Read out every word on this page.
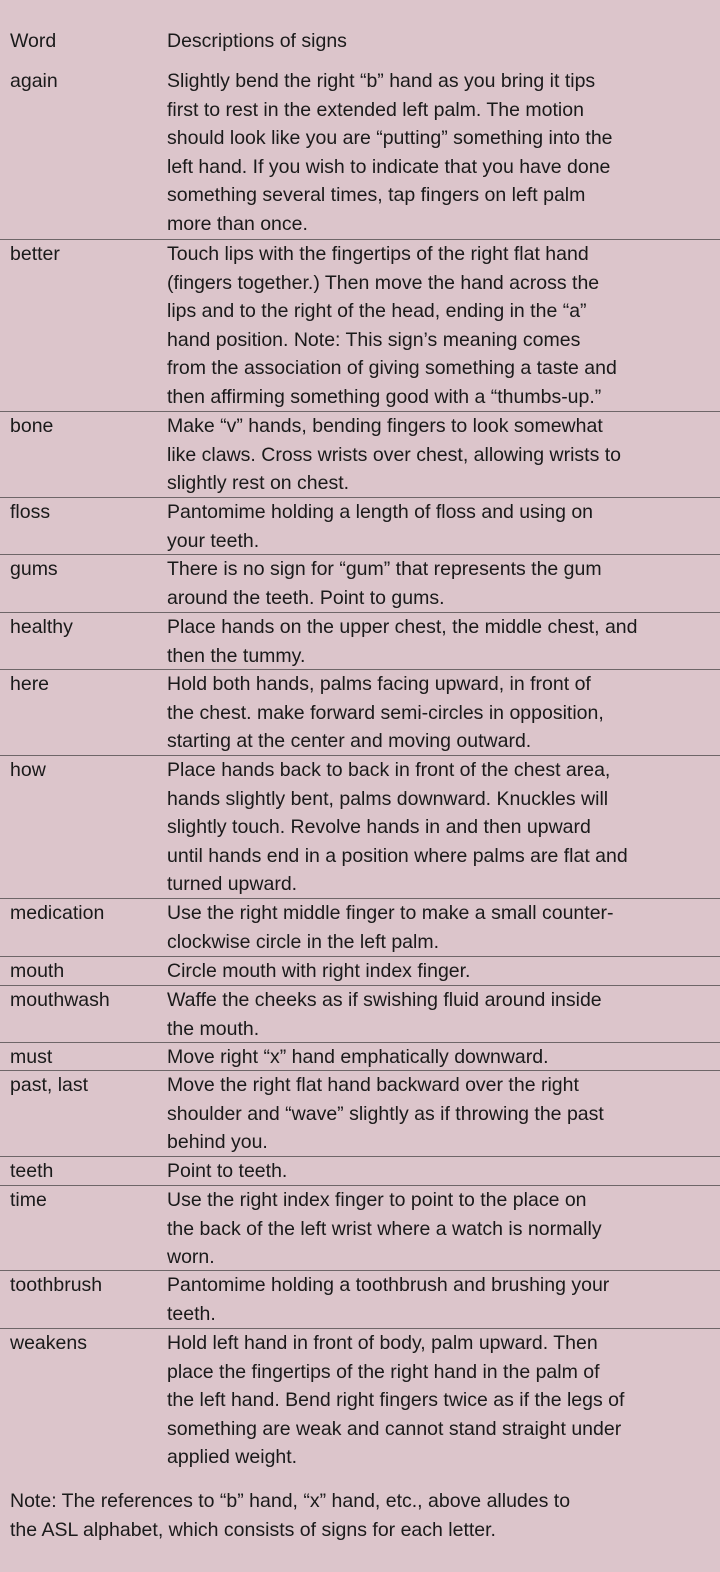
Word	Descriptions of signs
again	Slightly bend the right “b” hand as you bring it tips
first to rest in the extended left palm. The motion
should look like you are “putting” something into the
left hand. If you wish to indicate that you have done
something several times, tap fingers on left palm
more than once.
better	Touch lips with the fingertips of the right flat hand
(fingers together.) Then move the hand across the
lips and to the right of the head, ending in the “a”
hand position. Note: This sign’s meaning comes
from the association of giving something a taste and
then affirming something good with a “thumbs-up.”
bone	Make “v” hands, bending fingers to look somewhat
like claws. Cross wrists over chest, allowing wrists to
slightly rest on chest.
floss	Pantomime holding a length of floss and using on
your teeth.
gums	There is no sign for “gum” that represents the gum
around the teeth. Point to gums.
healthy	Place hands on the upper chest, the middle chest, and
then the tummy.
here	Hold both hands, palms facing upward, in front of
the chest. make forward semi-circles in opposition,
starting at the center and moving outward.
how	Place hands back to back in front of the chest area,
hands slightly bent, palms downward. Knuckles will
slightly touch. Revolve hands in and then upward
until hands end in a position where palms are flat and
turned upward.
medication	Use the right middle finger to make a small counter-
clockwise circle in the left palm.
mouth	Circle mouth with right index finger.
mouthwash	Waffe the cheeks as if swishing fluid around inside
the mouth.
must	Move right “x” hand emphatically downward.
past, last	Move the right flat hand backward over the right
shoulder and “wave” slightly as if throwing the past
behind you.
teeth	Point to teeth.
time	Use the right index finger to point to the place on
the back of the left wrist where a watch is normally
worn.
toothbrush	Pantomime holding a toothbrush and brushing your
teeth.
weakens	Hold left hand in front of body, palm upward. Then
place the fingertips of the right hand in the palm of
the left hand. Bend right fingers twice as if the legs of
something are weak and cannot stand straight under
applied weight.
Note: The references to “b” hand, “x” hand, etc., above alludes to
the ASL alphabet, which consists of signs for each letter.
